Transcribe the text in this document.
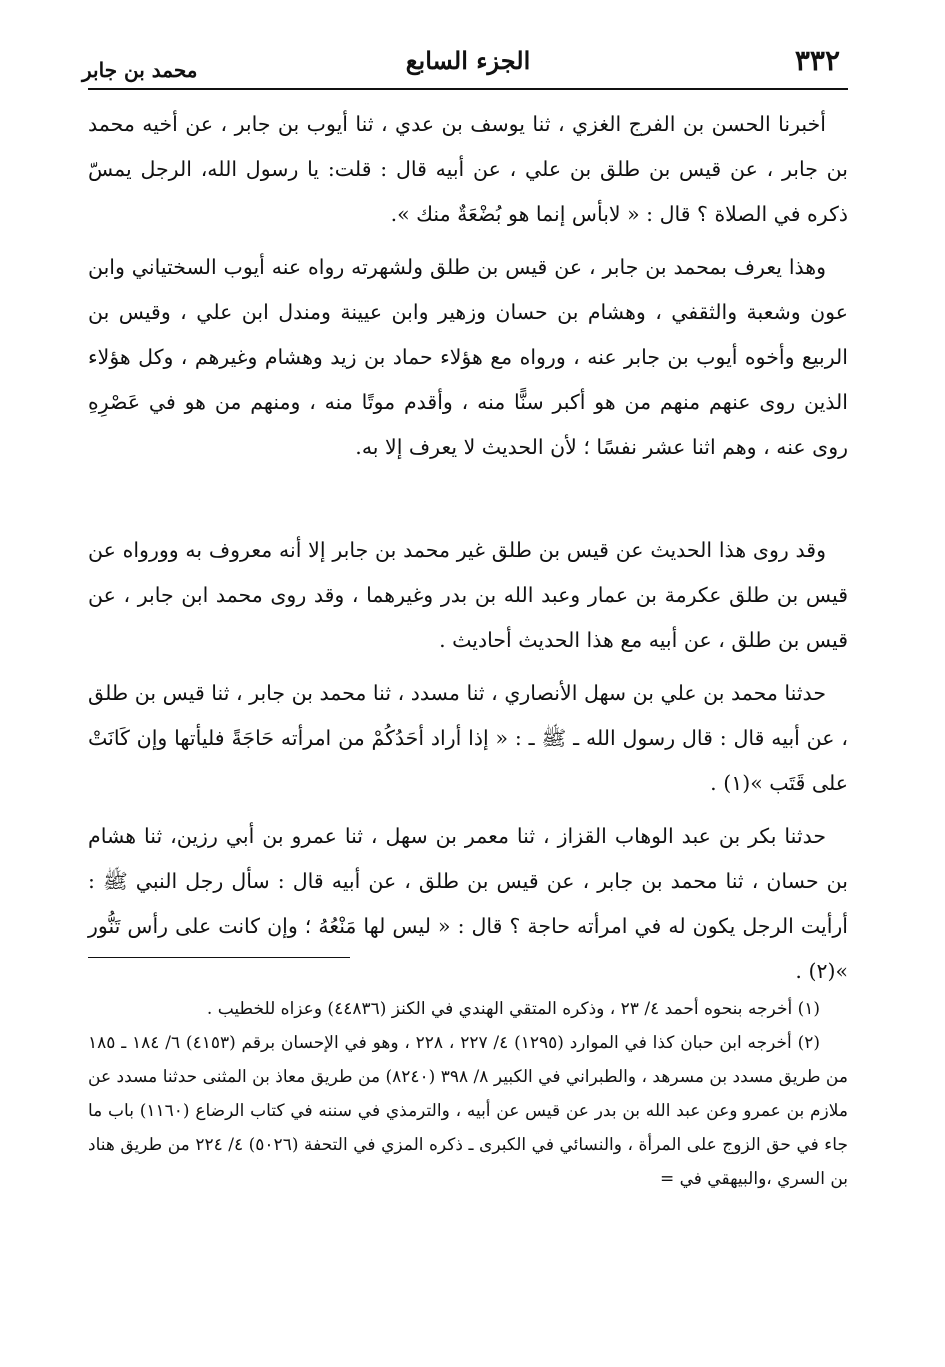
٣٣٢
الجزء السابع
محمد بن جابر

أخبرنا الحسن بن الفرج الغزي ، ثنا يوسف بن عدي ، ثنا أيوب بن جابر ، عن أخيه محمد بن جابر ، عن قيس بن طلق بن علي ، عن أبيه قال : قلت: يا رسول الله، الرجل يمسّ ذكره في الصلاة ؟ قال : « لابأس إنما هو بُضْعَةٌ منك ».

وهذا يعرف بمحمد بن جابر ، عن قيس بن طلق ولشهرته رواه عنه أيوب السختياني وابن عون وشعبة والثقفي ، وهشام بن حسان وزهير وابن عيينة ومندل ابن علي ، وقيس بن الربيع وأخوه أيوب بن جابر عنه ، ورواه مع هؤلاء حماد بن زيد وهشام وغيرهم ، وكل هؤلاء الذين روى عنهم منهم من هو أكبر سنًّا منه ، وأقدم موتًا منه ، ومنهم من هو في عَصْرِهِ روى عنه ، وهم اثنا عشر نفسًا ؛ لأن الحديث لا يعرف إلا به.

وقد روى هذا الحديث عن قيس بن طلق غير محمد بن جابر إلا أنه معروف به وورواه عن قيس بن طلق عكرمة بن عمار وعبد الله بن بدر وغيرهما ، وقد روى محمد ابن جابر ، عن قيس بن طلق ، عن أبيه مع هذا الحديث أحاديث .

حدثنا محمد بن علي بن سهل الأنصاري ، ثنا مسدد ، ثنا محمد بن جابر ، ثنا قيس بن طلق ، عن أبيه قال : قال رسول الله ـ ﷺ ـ : « إذا أراد أحَدُكُمْ من امرأته حَاجَةً فليأتها وإن كَانَتْ على قَتَب »(١) .

حدثنا بكر بن عبد الوهاب القزاز ، ثنا معمر بن سهل ، ثنا عمرو بن أبي رزين، ثنا هشام بن حسان ، ثنا محمد بن جابر ، عن قيس بن طلق ، عن أبيه قال : سأل رجل النبي ﷺ : أرأيت الرجل يكون له في امرأته حاجة ؟ قال : « ليس لها مَنْعُهُ ؛ وإن كانت على رأس تَنُّور »(٢) .

(١) أخرجه بنحوه أحمد ٤/ ٢٣ ، وذكره المتقي الهندي في الكنز (٤٤٨٣٦) وعزاه للخطيب .

(٢) أخرجه ابن حبان كذا في الموارد (١٢٩٥) ٤/ ٢٢٧ ، ٢٢٨ ، وهو في الإحسان برقم (٤١٥٣) ٦/ ١٨٤ ـ ١٨٥ من طريق مسدد بن مسرهد ، والطبراني في الكبير ٨/ ٣٩٨ (٨٢٤٠) من طريق معاذ بن المثنى حدثنا مسدد عن ملازم بن عمرو وعن عبد الله بن بدر عن قيس عن أبيه ، والترمذي في سننه في كتاب الرضاع (١١٦٠) باب ما جاء في حق الزوج على المرأة ، والنسائي في الكبرى ـ ذكره المزي في التحفة (٥٠٢٦) ٤/ ٢٢٤ من طريق هناد بن السري ،والبيهقي في =
